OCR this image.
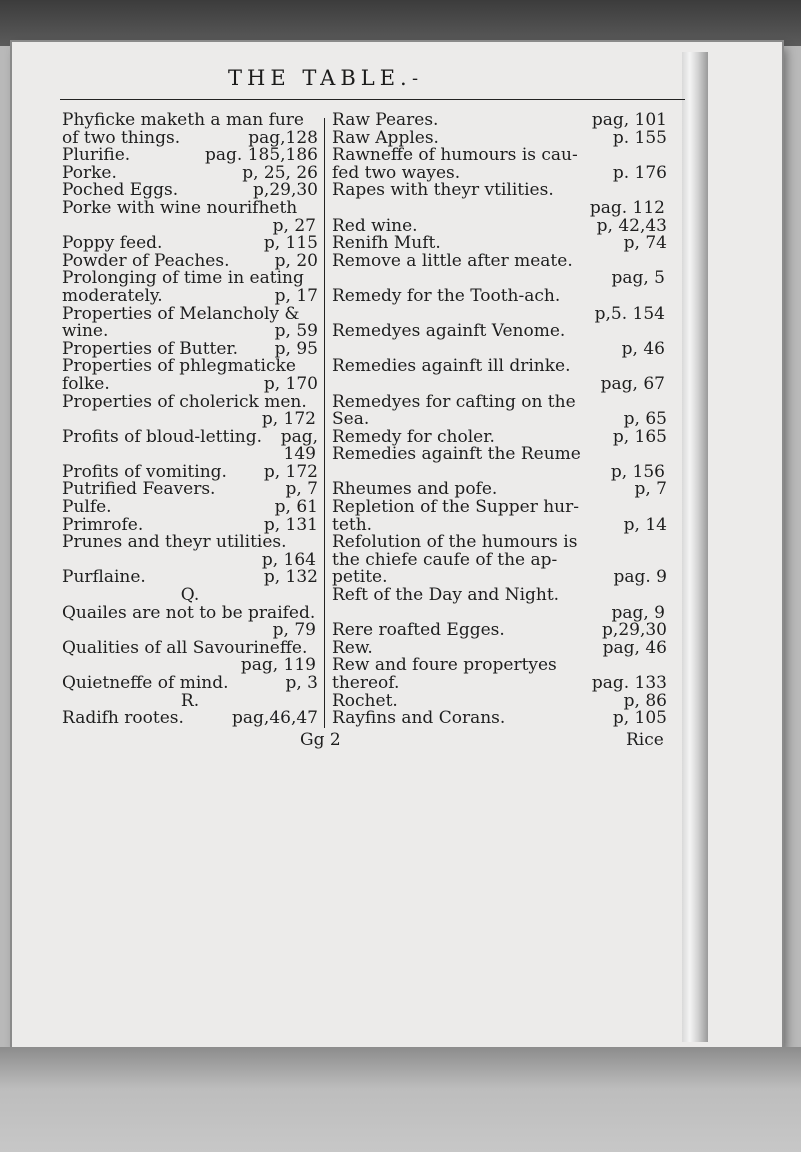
THE TABLE. -
Phyficke maketh a man fure
of two things.	pag,128
Plurifie.	pag. 185,186
Porke.	p, 25, 26
Poched Eggs.	p,29,30
Porke with wine nourifheth
p, 27
Poppy feed.	p, 115
Powder of Peaches.	p, 20
Prolonging of time in eating
moderately.	p, 17
Properties of Melancholy &
wine.	p, 59
Properties of Butter. p, 95
Properties of phlegmaticke
folke.	p, 170
Properties of cholerick men.
p, 172
Profits of bloud-letting. pag,
149
Profits of vomiting. p, 172
Putrified Feavers.	p, 7
Pulfe.	p, 61
Primrofe.	p, 131
Prunes and theyr utilities.
p, 164
Purflaine.	p, 132
Q.
Quailes are not to be praifed.
p, 79
Qualities of all Savourineffe.
pag, 119
Quietneffe of mind.	p, 3
R.
Radifh rootes.	pag,46,47
Raw Peares.	pag, 101
Raw Apples.	p. 155
Rawneffe of humours is cau-
fed two wayes.	p. 176
Rapes with theyr vtilities.
pag. 112
Red wine.	p, 42,43
Renifh Muft.	p, 74
Remove a little after meate.
pag, 5
Remedy for the Tooth-ach.
p,5. 154
Remedyes againft Venome.
p, 46
Remedies againft ill drinke.
pag, 67
Remedyes for cafting on the
Sea.	p, 65
Remedy for choler.	p, 165
Remedies againft the Reume
p, 156
Rheumes and pofe.	p, 7
Repletion of the Supper hur-
teth.	p, 14
Refolution of the humours is
the chiefe caufe of the ap-
petite.	pag. 9
Reft of the Day and Night.
pag, 9
Rere roafted Egges.	p,29,30
Rew.	pag, 46
Rew and foure propertyes
thereof.	pag. 133
Rochet.	p, 86
Rayfins and Corans.	p, 105
Gg 2	Rice
